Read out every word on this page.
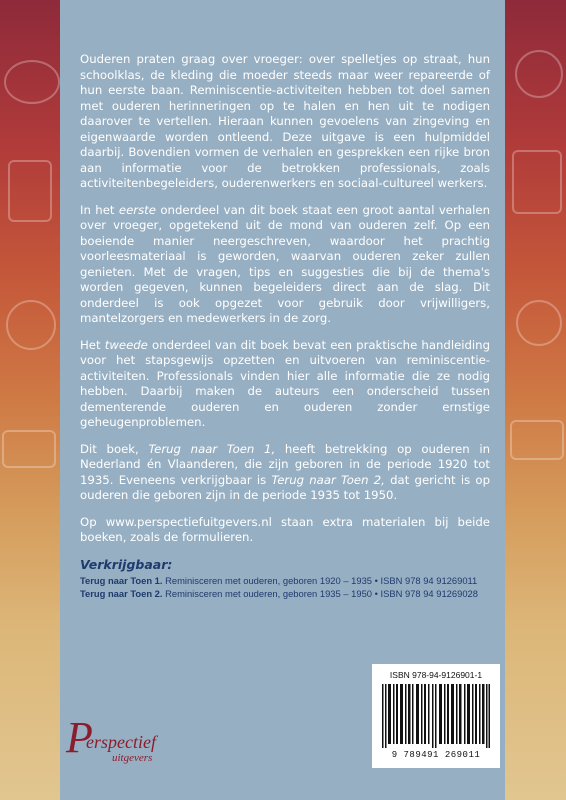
Ouderen praten graag over vroeger: over spelletjes op straat, hun schoolklas, de kleding die moeder steeds maar weer repareerde of hun eerste baan. Reminiscentie-activiteiten hebben tot doel samen met ouderen herinneringen op te halen en hen uit te nodigen daarover te vertellen. Hieraan kunnen gevoelens van zingeving en eigenwaarde worden ontleend. Deze uitgave is een hulpmiddel daarbij. Bovendien vormen de verhalen en gesprekken een rijke bron aan informatie voor de betrokken professionals, zoals activiteitenbegeleiders, ouderenwerkers en sociaal-cultureel werkers.

In het eerste onderdeel van dit boek staat een groot aantal verhalen over vroeger, opgetekend uit de mond van ouderen zelf. Op een boeiende manier neergeschreven, waardoor het prachtig voorleesmateriaal is geworden, waarvan ouderen zeker zullen genieten. Met de vragen, tips en suggesties die bij de thema's worden gegeven, kunnen begeleiders direct aan de slag. Dit onderdeel is ook opgezet voor gebruik door vrijwilligers, mantelzorgers en medewerkers in de zorg.

Het tweede onderdeel van dit boek bevat een praktische handleiding voor het stapsgewijs opzetten en uitvoeren van reminiscentie-activiteiten. Professionals vinden hier alle informatie die ze nodig hebben. Daarbij maken de auteurs een onderscheid tussen dementerende ouderen en ouderen zonder ernstige geheugenproblemen.

Dit boek, Terug naar Toen 1, heeft betrekking op ouderen in Nederland én Vlaanderen, die zijn geboren in de periode 1920 tot 1935. Eveneens verkrijgbaar is Terug naar Toen 2, dat gericht is op ouderen die geboren zijn in de periode 1935 tot 1950.

Op www.perspectiefuitgevers.nl staan extra materialen bij beide boeken, zoals de formulieren.

Verkrijgbaar:
Terug naar Toen 1. Reminisceren met ouderen, geboren 1920 – 1935 • ISBN 978 94 91269011
Terug naar Toen 2. Reminisceren met ouderen, geboren 1935 – 1950 • ISBN 978 94 91269028
ISBN 978-94-9126901-1
9 789491 269011
P
erspectief
uitgevers
